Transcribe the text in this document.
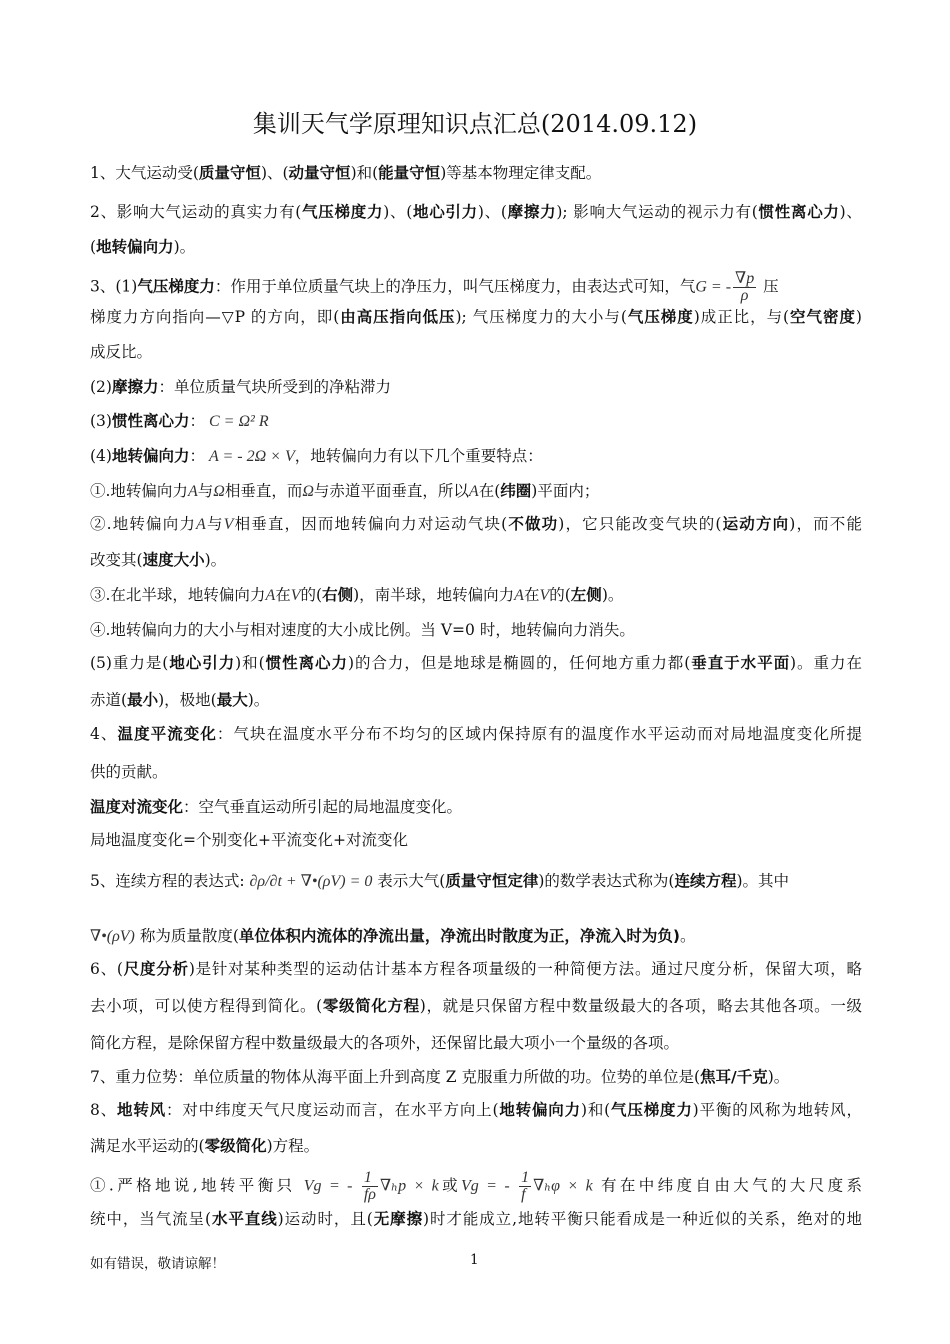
集训天气学原理知识点汇总(2014.09.12)
1、大气运动受(质量守恒)、(动量守恒)和(能量守恒)等基本物理定律支配。
2、影响大气运动的真实力有(气压梯度力)、(地心引力)、(摩擦力); 影响大气运动的视示力有(惯性离心力)、
(地转偏向力)。
3、(1)气压梯度力：作用于单位质量气块上的净压力，叫气压梯度力，由表达式可知，气G = - $\frac{\nabla p}{\rho}$ 压
梯度力方向指向—▽P 的方向，即(由高压指向低压); 气压梯度力的大小与(气压梯度)成正比，与(空气密度)
成反比。
(2)摩擦力：单位质量气块所受到的净粘滞力
(3)惯性离心力： C = Ω² R
(4)地转偏向力： A = - 2Ω × V，地转偏向力有以下几个重要特点：
①.地转偏向力A与Ω相垂直，而Ω与赤道平面垂直，所以A在(纬圈)平面内；
②.地转偏向力A与V相垂直，因而地转偏向力对运动气块(不做功)，它只能改变气块的(运动方向)，而不能
改变其(速度大小)。
③.在北半球，地转偏向力A在V的(右侧)，南半球，地转偏向力A在V的(左侧)。
④.地转偏向力的大小与相对速度的大小成比例。当 V=0 时，地转偏向力消失。
(5)重力是(地心引力)和(惯性离心力)的合力，但是地球是椭圆的，任何地方重力都(垂直于水平面)。重力在
赤道(最小)，极地(最大)。
4、温度平流变化：气块在温度水平分布不均匀的区域内保持原有的温度作水平运动而对局地温度变化所提
供的贡献。
温度对流变化：空气垂直运动所引起的局地温度变化。
局地温度变化=个别变化+平流变化+对流变化
5、连续方程的表达式: ∂ρ/∂t + ∇•(ρV) = 0 表示大气(质量守恒定律)的数学表达式称为(连续方程)。其中
∇•(ρV) 称为质量散度(单位体积内流体的净流出量，净流出时散度为正，净流入时为负)。
6、(尺度分析)是针对某种类型的运动估计基本方程各项量级的一种简便方法。通过尺度分析，保留大项，略
去小项，可以使方程得到简化。(零级简化方程)，就是只保留方程中数量级最大的各项，略去其他各项。一级
简化方程，是除保留方程中数量级最大的各项外，还保留比最大项小一个量级的各项。
7、重力位势：单位质量的物体从海平面上升到高度 Z 克服重力所做的功。位势的单位是(焦耳/千克)。
8、地转风：对中纬度天气尺度运动而言，在水平方向上(地转偏向力)和(气压梯度力)平衡的风称为地转风，
满足水平运动的(零级简化)方程。
①.严格地说,地转平衡只 Vg = - $\frac{1}{f\rho} \nabla_hp \times k$或Vg = - $\frac{1}{f} \nabla_h\varphi \times k$ 有在中纬度自由大气的大尺度系
统中，当气流呈(水平直线)运动时，且(无摩擦)时才能成立,地转平衡只能看成是一种近似的关系，绝对的地
如有错误，敬请谅解！	1
